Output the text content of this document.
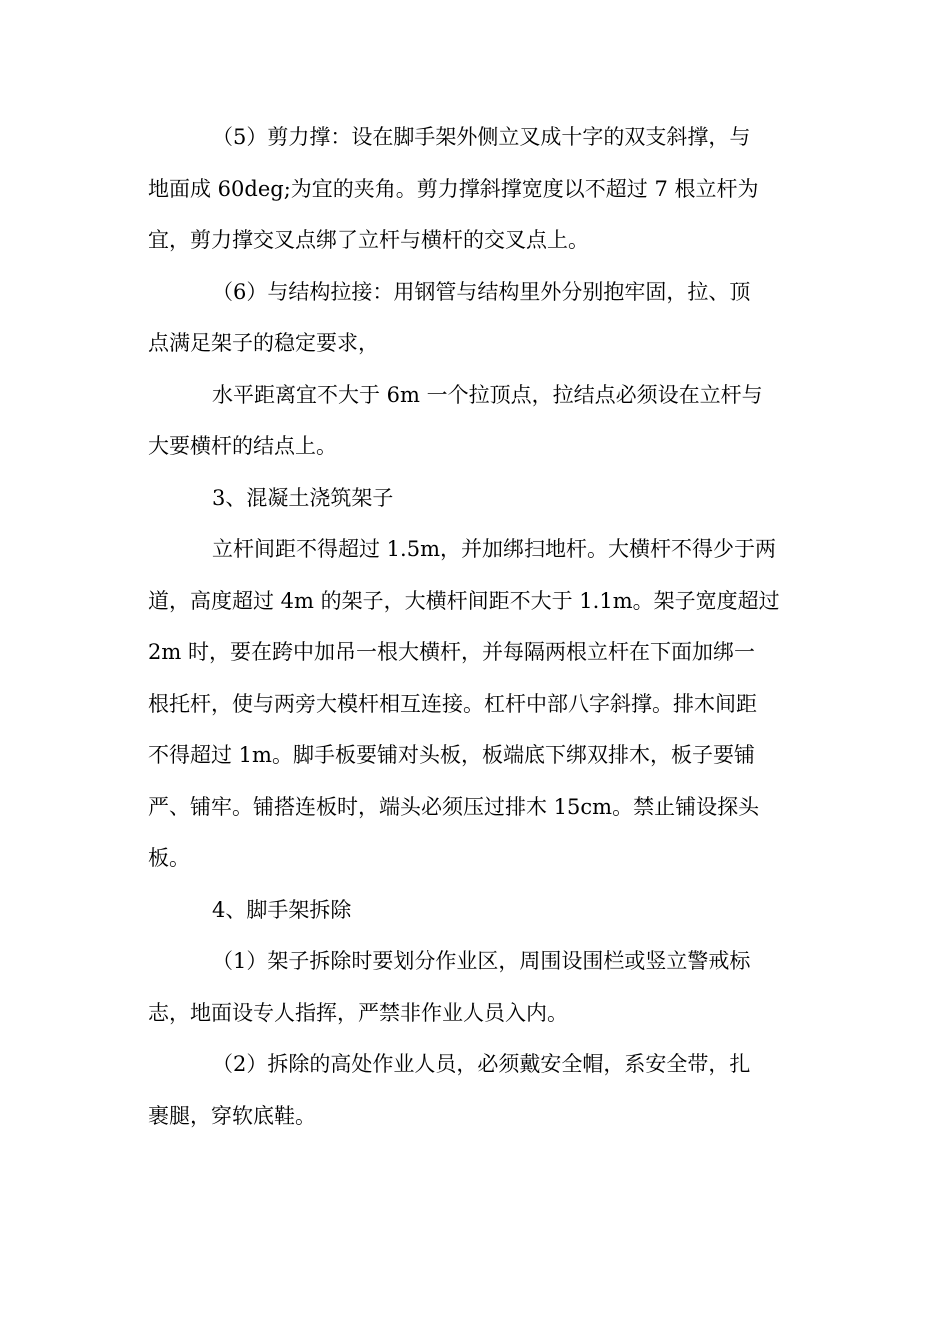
（5）剪力撑：设在脚手架外侧立叉成十字的双支斜撑，与
地面成 60deg;为宜的夹角。剪力撑斜撑宽度以不超过 7 根立杆为
宜，剪力撑交叉点绑了立杆与横杆的交叉点上。
（6）与结构拉接：用钢管与结构里外分别抱牢固，拉、顶
点满足架子的稳定要求，
水平距离宜不大于 6m 一个拉顶点，拉结点必须设在立杆与
大要横杆的结点上。
3、混凝土浇筑架子
立杆间距不得超过 1.5m，并加绑扫地杆。大横杆不得少于两
道，高度超过 4m 的架子，大横杆间距不大于 1.1m。架子宽度超过
2m 时，要在跨中加吊一根大横杆，并每隔两根立杆在下面加绑一
根托杆，使与两旁大模杆相互连接。杠杆中部八字斜撑。排木间距
不得超过 1m。脚手板要铺对头板，板端底下绑双排木，板子要铺
严、铺牢。铺搭连板时，端头必须压过排木 15cm。禁止铺设探头
板。
4、脚手架拆除
（1）架子拆除时要划分作业区，周围设围栏或竖立警戒标
志，地面设专人指挥，严禁非作业人员入内。
（2）拆除的高处作业人员，必须戴安全帽，系安全带，扎
裹腿，穿软底鞋。
